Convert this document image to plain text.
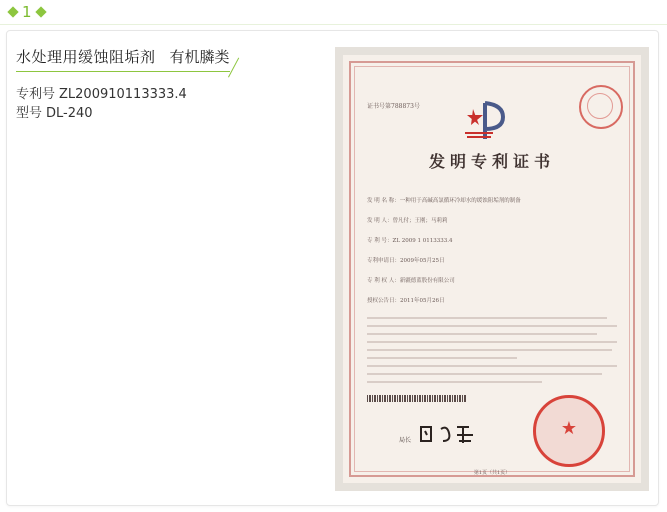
1
水处理用缓蚀阻垢剂 有机膦类
专利号 ZL200910113333.4
型号 DL-240	证书号第788873号
发明专利证书
发 明 名 称：一种用于高碱高氯循环冷却水的缓蚀阻垢剂的制备
发 明 人：曾凡付；王刚；马莉莉
专 利 号：ZL 2009 1 0113333.4
专利申请日：2009年05月25日
专 利 权 人：新疆德蓝股份有限公司
授权公告日：2011年05月26日
局长
★
第1页（共1页）
